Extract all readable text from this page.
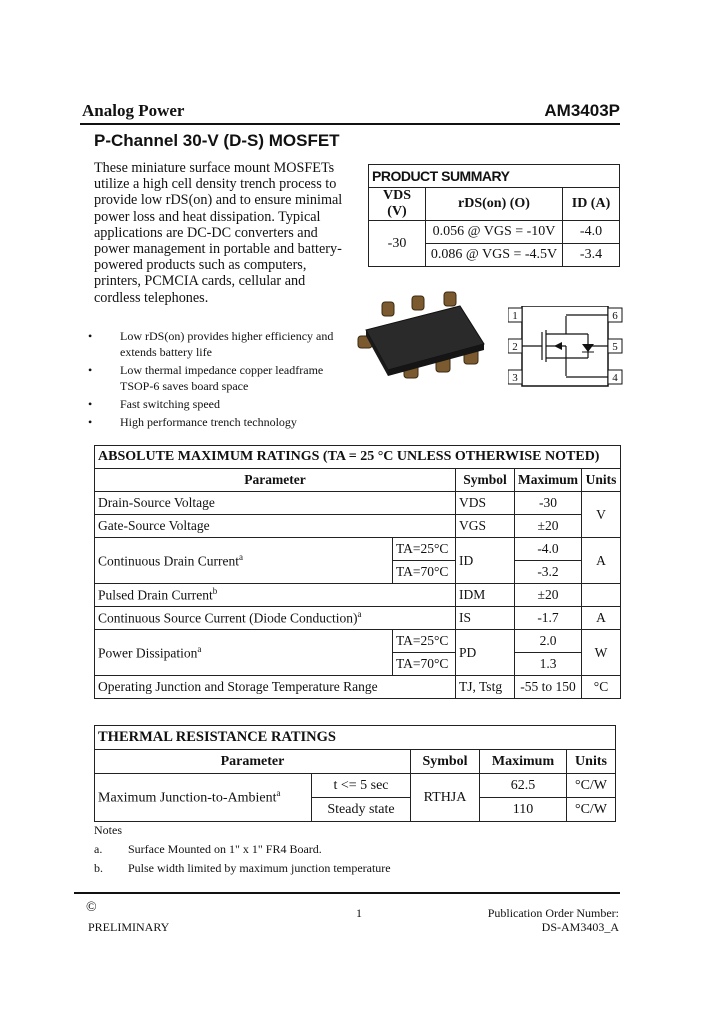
Analog Power	AM3403P
P-Channel 30-V (D-S) MOSFET
These miniature surface mount MOSFETs utilize a high cell density trench process to provide low rDS(on) and to ensure minimal power loss and heat dissipation. Typical applications are DC-DC converters and power management in portable and battery-powered products such as computers, printers, PCMCIA cards, cellular and cordless telephones.
PRODUCT SUMMARY		
VDS (V)	rDS(on) (O)	ID (A)
-30	0.056 @ VGS = -10V	-4.0
	0.086 @ VGS = -4.5V	-3.4
1
2
3
6
5
4
•	Low rDS(on) provides higher efficiency and extends battery life
•	Low thermal impedance copper leadframe TSOP-6 saves board space
•	Fast switching speed
•	High performance trench technology
ABSOLUTE MAXIMUM RATINGS (TA = 25 °C UNLESS OTHERWISE NOTED)				
Parameter		Symbol	Maximum	Units
Drain-Source Voltage		VDS	-30	V
Gate-Source Voltage		VGS	±20	
Continuous Drain Current$^a$	TA=25°C	ID	-4.0	A
	TA=70°C		-3.2	
Pulsed Drain Current$^b$		IDM	±20	
Continuous Source Current (Diode Conduction)$^a$		IS	-1.7	A
Power Dissipation$^a$	TA=25°C	PD	2.0	W
	TA=70°C		1.3	
Operating Junction and Storage Temperature Range		TJ, Tstg	-55 to 150	°C
THERMAL RESISTANCE RATINGS				
Parameter		Symbol	Maximum	Units
Maximum Junction-to-Ambient$^a$	t <= 5 sec	RTHJA	62.5	°C/W
	Steady state		110	°C/W
Notes
a.	Surface Mounted on 1" x 1" FR4 Board.
b.	Pulse width limited by maximum junction temperature
©
PRELIMINARY
1	Publication Order Number:
DS-AM3403_A
